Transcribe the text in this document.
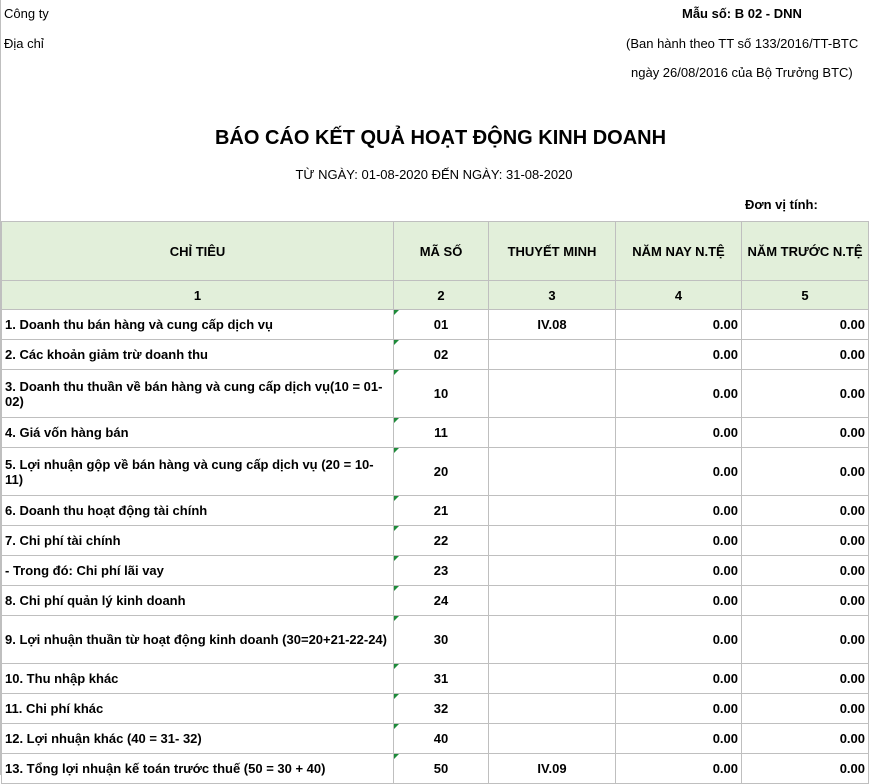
Công ty
Địa chỉ
Mẫu số: B 02 - DNN
(Ban hành theo TT số 133/2016/TT-BTC
ngày 26/08/2016 của Bộ Trưởng BTC)
BÁO CÁO KẾT QUẢ HOẠT ĐỘNG KINH DOANH
TỪ NGÀY: 01-08-2020 ĐẾN NGÀY: 31-08-2020
Đơn vị tính:
CHỈ TIÊU	MÃ SỐ	THUYẾT MINH	NĂM NAY N.TỆ	NĂM TRƯỚC N.TỆ
1	2	3	4	5
1. Doanh thu bán hàng và cung cấp dịch vụ	01	IV.08	0.00	0.00
2. Các khoản giảm trừ doanh thu	02		0.00	0.00
3. Doanh thu thuần về bán hàng và cung cấp dịch vụ(10 = 01-02)	10		0.00	0.00
4. Giá vốn hàng bán	11		0.00	0.00
5. Lợi nhuận gộp về bán hàng và cung cấp dịch vụ (20 = 10-11)	20		0.00	0.00
6. Doanh thu hoạt động tài chính	21		0.00	0.00
7. Chi phí tài chính	22		0.00	0.00
- Trong đó: Chi phí lãi vay	23		0.00	0.00
8. Chi phí quản lý kinh doanh	24		0.00	0.00
9. Lợi nhuận thuần từ hoạt động kinh doanh (30=20+21-22-24)	30		0.00	0.00
10. Thu nhập khác	31		0.00	0.00
11. Chi phí khác	32		0.00	0.00
12. Lợi nhuận khác (40 = 31- 32)	40		0.00	0.00
13. Tổng lợi nhuận kế toán trước thuế (50 = 30 + 40)	50	IV.09	0.00	0.00
